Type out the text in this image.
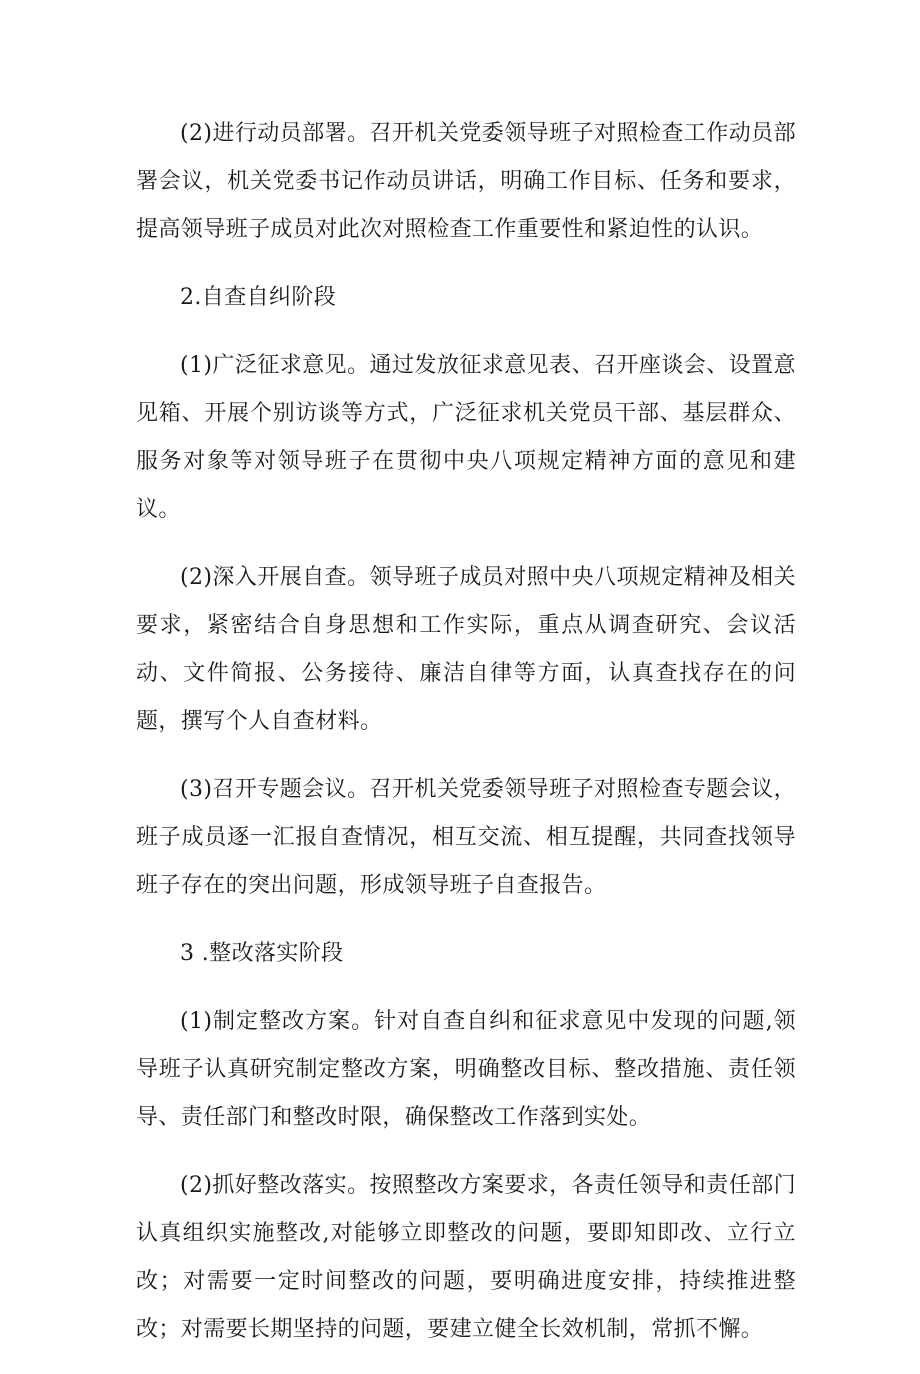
(2)进行动员部署。召开机关党委领导班子对照检查工作动员部署会议，机关党委书记作动员讲话，明确工作目标、任务和要求，提高领导班子成员对此次对照检查工作重要性和紧迫性的认识。

2.自查自纠阶段

(1)广泛征求意见。通过发放征求意见表、召开座谈会、设置意见箱、开展个别访谈等方式，广泛征求机关党员干部、基层群众、服务对象等对领导班子在贯彻中央八项规定精神方面的意见和建议。

(2)深入开展自查。领导班子成员对照中央八项规定精神及相关要求，紧密结合自身思想和工作实际，重点从调查研究、会议活动、文件简报、公务接待、廉洁自律等方面，认真查找存在的问题，撰写个人自查材料。

(3)召开专题会议。召开机关党委领导班子对照检查专题会议，班子成员逐一汇报自查情况，相互交流、相互提醒，共同查找领导班子存在的突出问题，形成领导班子自查报告。

3 .整改落实阶段

(1)制定整改方案。针对自查自纠和征求意见中发现的问题,领导班子认真研究制定整改方案，明确整改目标、整改措施、责任领导、责任部门和整改时限，确保整改工作落到实处。

(2)抓好整改落实。按照整改方案要求，各责任领导和责任部门认真组织实施整改,对能够立即整改的问题，要即知即改、立行立改；对需要一定时间整改的问题，要明确进度安排，持续推进整改；对需要长期坚持的问题，要建立健全长效机制，常抓不懈。
